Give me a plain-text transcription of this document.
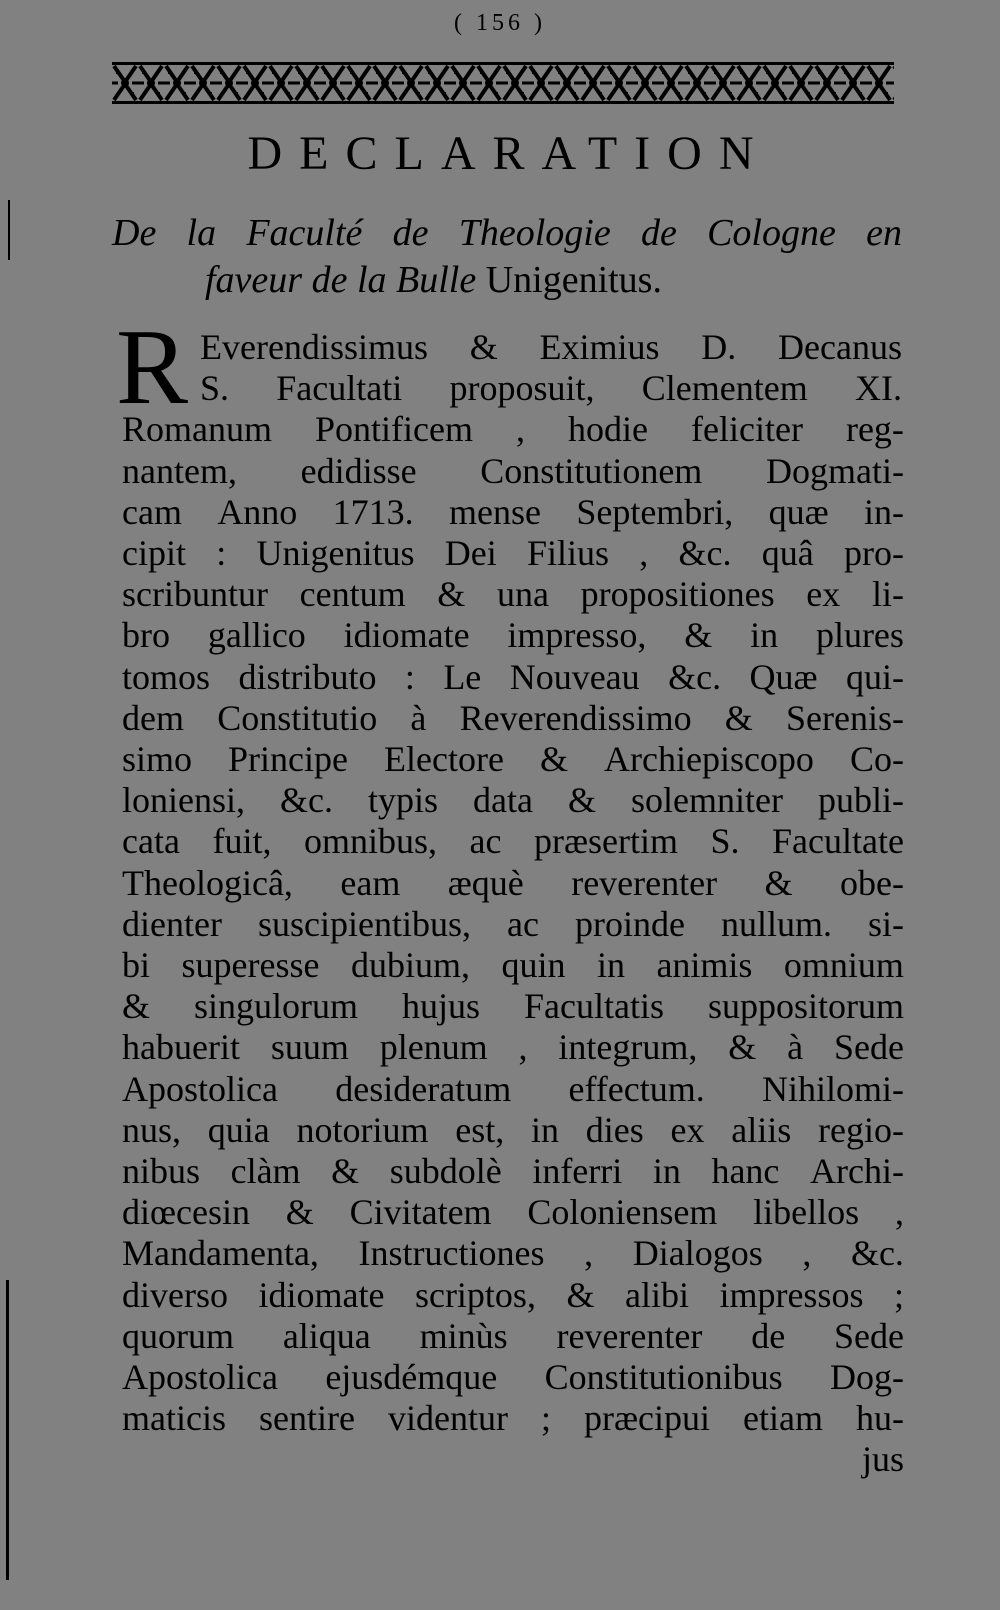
( 156 )
DECLARATION
De la Faculté de Theologie de Cologne en
faveur de la Bulle Unigenitus.
R Everendissimus & Eximius D. Decanus
S. Facultati proposuit, Clementem XI.
Romanum Pontificem , hodie feliciter reg-
nantem, edidisse Constitutionem Dogmati-
cam Anno 1713. mense Septembri, quæ in-
cipit : Unigenitus Dei Filius , &c. quâ pro-
scribuntur centum & una propositiones ex li-
bro gallico idiomate impresso, & in plures
tomos distributo : Le Nouveau &c. Quæ qui-
dem Constitutio à Reverendissimo & Serenis-
simo Principe Electore & Archiepiscopo Co-
loniensi, &c. typis data & solemniter publi-
cata fuit, omnibus, ac præsertim S. Facultate
Theologicâ, eam æquè reverenter & obe-
dienter suscipientibus, ac proinde nullum. si-
bi superesse dubium, quin in animis omnium
& singulorum hujus Facultatis suppositorum
habuerit suum plenum , integrum, & à Sede
Apostolica desideratum effectum. Nihilomi-
nus, quia notorium est, in dies ex aliis regio-
nibus clàm & subdolè inferri in hanc Archi-
diœcesin & Civitatem Coloniensem libellos ,
Mandamenta, Instructiones , Dialogos , &c.
diverso idiomate scriptos, & alibi impressos ;
quorum aliqua minùs reverenter de Sede
Apostolica ejusdémque Constitutionibus Dog-
maticis sentire videntur ; præcipui etiam hu-
jus
